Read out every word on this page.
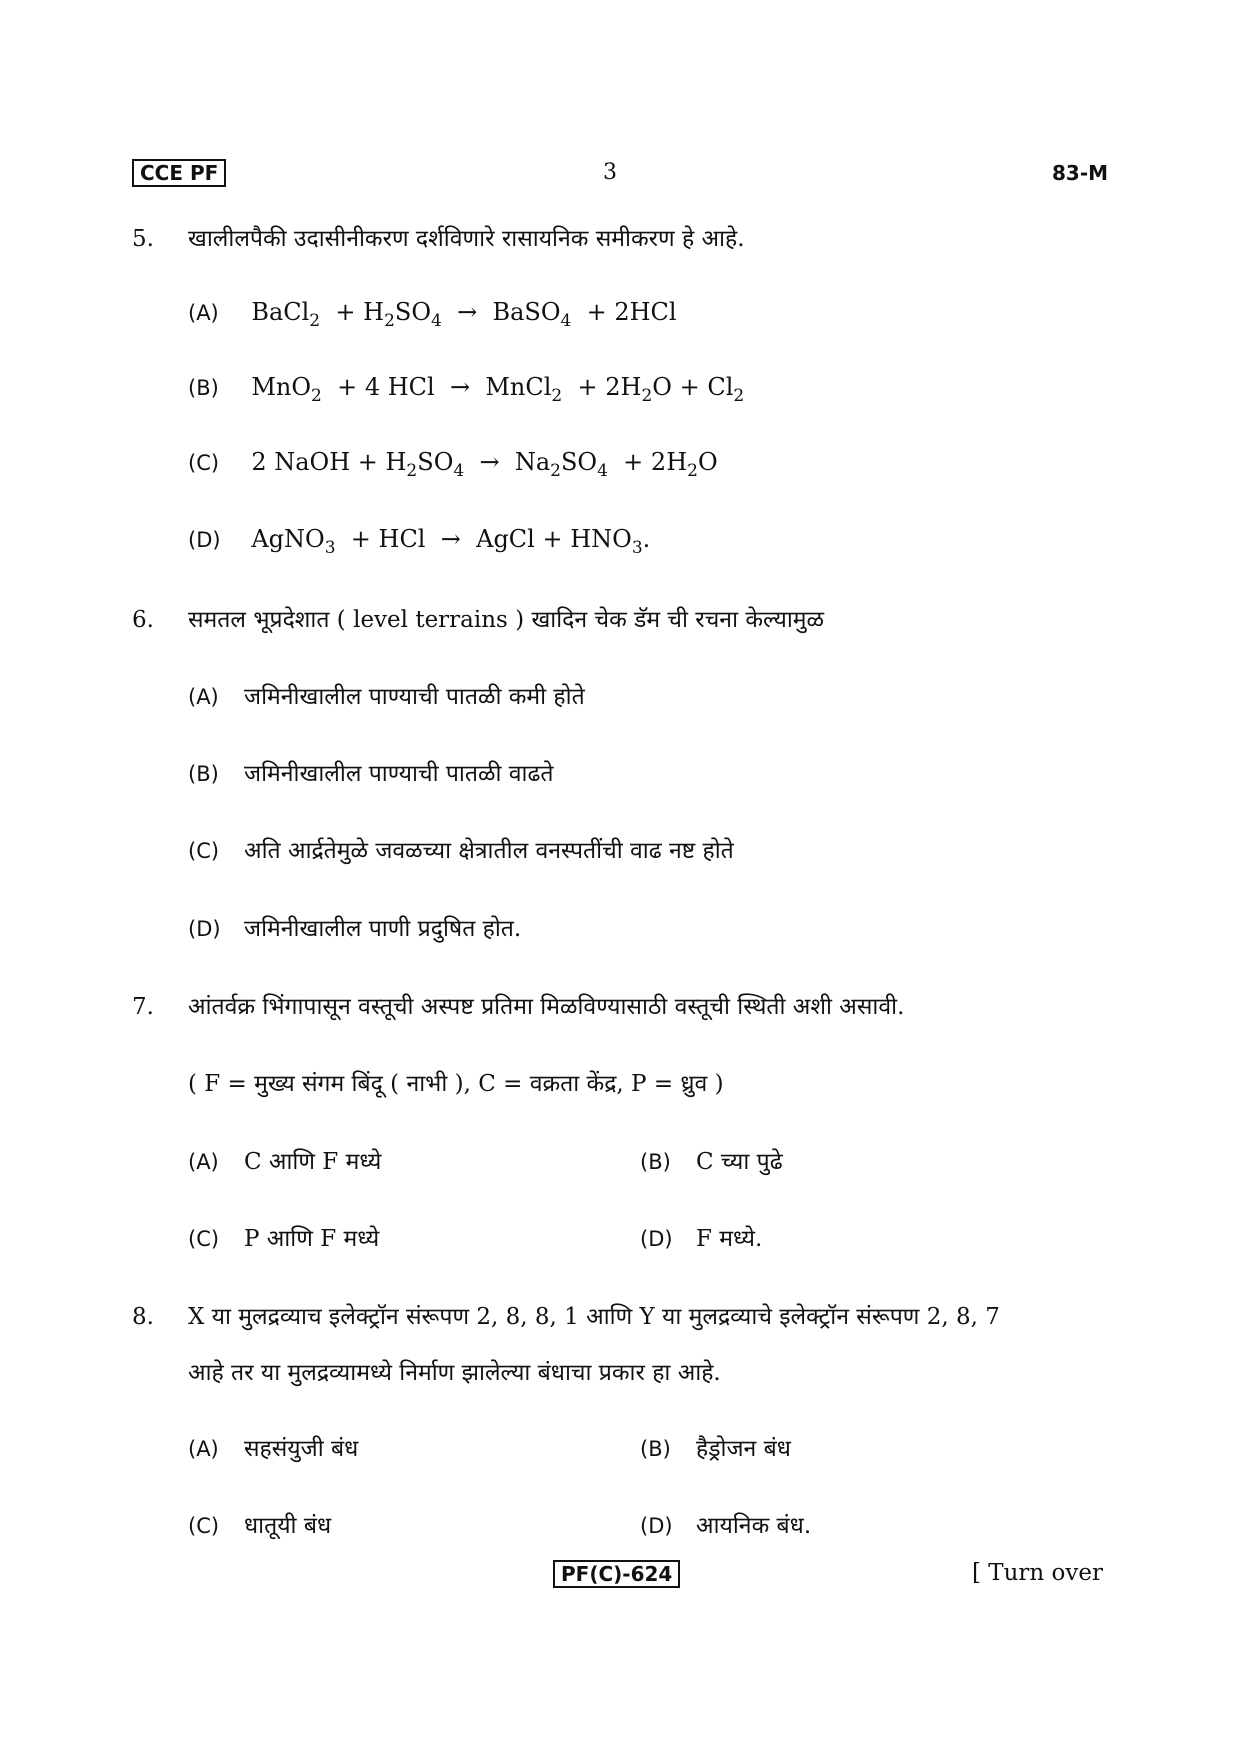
CCE PF	3	83-M
5. खालीलपैकी उदासीनीकरण दर्शविणारे रासायनिक समीकरण हे आहे.
(A) BaCl$_2$  + $H_2SO_4$  →  BaSO$_4$  + 2HCl
(B) MnO$_2$  + 4 HCl  →  MnCl$_2$  + $2H_2O + Cl_2$
(C) 2 NaOH + $H_2SO_4 \to Na_2SO_4 + 2H_2O$
(D) AgNO$_3$  + HCl  →  AgCl + $HNO_3$.
6. समतल भूप्रदेशात ( level terrains ) खादिन चेक डॅम ची रचना केल्यामुळ
(A) जमिनीखालील पाण्याची पातळी कमी होते
(B) जमिनीखालील पाण्याची पातळी वाढते
(C) अति आर्द्रतेमुळे जवळच्या क्षेत्रातील वनस्पतींची वाढ नष्ट होते
(D) जमिनीखालील पाणी प्रदुषित होत.
7. आंतर्वक्र भिंगापासून वस्तूची अस्पष्ट प्रतिमा मिळविण्यासाठी वस्तूची स्थिती अशी असावी.
( F = मुख्य संगम बिंदू ( नाभी ), C = वक्रता केंद्र, P = ध्रुव )
(A) C आणि F मध्ये	(B) C च्या पुढे
(C) P आणि F मध्ये	(D) F मध्ये.
8. X या मुलद्रव्याच इलेक्ट्रॉन संरूपण 2, 8, 8, 1 आणि Y या मुलद्रव्याचे इलेक्ट्रॉन संरूपण 2, 8, 7
आहे तर या मुलद्रव्यामध्ये निर्माण झालेल्या बंधाचा प्रकार हा आहे.
(A) सहसंयुजी बंध	(B) हैड्रोजन बंध
(C) धातूयी बंध	(D) आयनिक बंध.
PF(C)-624	[ Turn over
